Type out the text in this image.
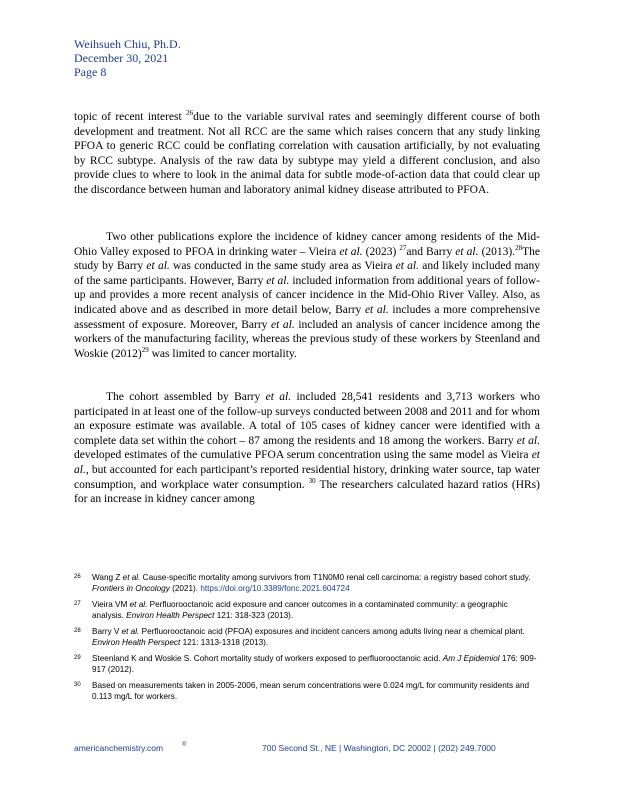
Weihsueh Chiu, Ph.D.
December 30, 2021
Page 8

topic of recent interest $^{26}$due to the variable survival rates and seemingly different course of both development and treatment. Not all RCC are the same which raises concern that any study linking PFOA to generic RCC could be conflating correlation with causation artificially, by not evaluating by RCC subtype. Analysis of the raw data by subtype may yield a different conclusion, and also provide clues to where to look in the animal data for subtle mode-of-action data that could clear up the discordance between human and laboratory animal kidney disease attributed to PFOA.

Two other publications explore the incidence of kidney cancer among residents of the Mid-Ohio Valley exposed to PFOA in drinking water – Vieira et al. (2023) $^{27}$and Barry et al. (2013).$^{28}$The study by Barry et al. was conducted in the same study area as Vieira et al. and likely included many of the same participants. However, Barry et al. included information from additional years of follow-up and provides a more recent analysis of cancer incidence in the Mid-Ohio River Valley. Also, as indicated above and as described in more detail below, Barry et al. includes a more comprehensive assessment of exposure. Moreover, Barry et al. included an analysis of cancer incidence among the workers of the manufacturing facility, whereas the previous study of these workers by Steenland and Woskie $(2012)^{29}$ was limited to cancer mortality.

The cohort assembled by Barry et al. included 28,541 residents and 3,713 workers who participated in at least one of the follow-up surveys conducted between 2008 and 2011 and for whom an exposure estimate was available. A total of 105 cases of kidney cancer were identified with a complete data set within the cohort – 87 among the residents and 18 among the workers. Barry et al. developed estimates of the cumulative PFOA serum concentration using the same model as Vieira et al., but accounted for each participant’s reported residential history, drinking water source, tap water consumption, and workplace water consumption. $^{30}$ The researchers calculated hazard ratios (HRs) for an increase in kidney cancer among

26	Wang Z et al. Cause-specific mortality among survivors from T1N0M0 renal cell carcinoma: a registry based cohort study. Frontiers in Oncology (2021). https://doi.org/10.3389/fonc.2021.604724
27	Vieira VM et al. Perfluorooctanoic acid exposure and cancer outcomes in a contaminated community: a geographic analysis. Environ Health Perspect 121: 318-323 (2013).
28	Barry V et al. Perfluorooctanoic acid (PFOA) exposures and incident cancers among adults living near a chemical plant. Environ Health Perspect 121: 1313-1318 (2013).
29	Steenland K and Woskie S. Cohort mortality study of workers exposed to perfluorooctanoic acid. Am J Epidemiol 176: 909-917 (2012).
30	Based on measurements taken in 2005-2006, mean serum concentrations were 0.024 mg/L for community residents and 0.113 mg/L for workers.
americanchemistry.com	®	700 Second St., NE | Washington, DC 20002 | (202) 249.7000
